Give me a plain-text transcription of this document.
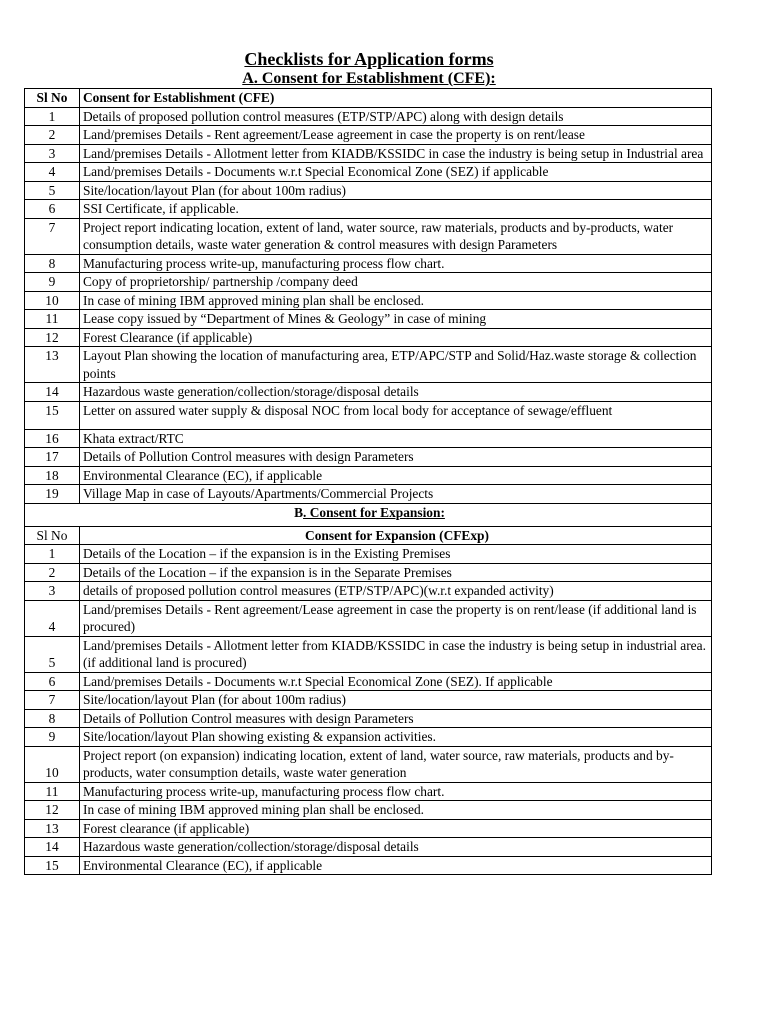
Checklists for Application forms
A. Consent for Establishment (CFE):
Sl No	Consent for Establishment (CFE)
1	Details of proposed pollution control measures (ETP/STP/APC) along with design details
2	Land/premises Details - Rent agreement/Lease agreement in case the property is on rent/lease
3	Land/premises Details - Allotment letter from KIADB/KSSIDC in case the industry is being setup in Industrial area
4	Land/premises Details - Documents w.r.t Special Economical Zone (SEZ) if applicable
5	Site/location/layout Plan (for about 100m radius)
6	SSI Certificate, if applicable.
7	Project report indicating location, extent of land, water source, raw materials, products and by-products, water consumption details, waste water generation & control measures with design Parameters
8	Manufacturing process write-up, manufacturing process flow chart.
9	Copy of proprietorship/ partnership /company deed
10	In case of mining IBM approved mining plan shall be enclosed.
11	Lease copy issued by “Department of Mines & Geology” in case of mining
12	Forest Clearance (if applicable)
13	Layout Plan showing the location of manufacturing area, ETP/APC/STP and Solid/Haz.waste storage & collection points
14	Hazardous waste generation/collection/storage/disposal details
15	Letter on assured water supply & disposal NOC from local body for acceptance of sewage/effluent
16	Khata extract/RTC
17	Details of Pollution Control measures with design Parameters
18	Environmental Clearance (EC), if applicable
19	Village Map in case of Layouts/Apartments/Commercial Projects
B. Consent for Expansion:	
Sl No	Consent for Expansion (CFExp)
1	Details of the Location – if the expansion is in the Existing Premises
2	Details of the Location – if the expansion is in the Separate Premises
3	details of proposed pollution control measures (ETP/STP/APC)(w.r.t expanded activity)
4	Land/premises Details - Rent agreement/Lease agreement in case the property is on rent/lease (if additional land is procured)
5	Land/premises Details - Allotment letter from KIADB/KSSIDC in case the industry is being setup in industrial area. (if additional land is procured)
6	Land/premises Details - Documents w.r.t Special Economical Zone (SEZ). If applicable
7	Site/location/layout Plan (for about 100m radius)
8	Details of Pollution Control measures with design Parameters
9	Site/location/layout Plan showing existing & expansion activities.
10	Project report (on expansion) indicating location, extent of land, water source, raw materials, products and by-products, water consumption details, waste water generation
11	Manufacturing process write-up, manufacturing process flow chart.
12	In case of mining IBM approved mining plan shall be enclosed.
13	Forest clearance (if applicable)
14	Hazardous waste generation/collection/storage/disposal details
15	Environmental Clearance (EC), if applicable
